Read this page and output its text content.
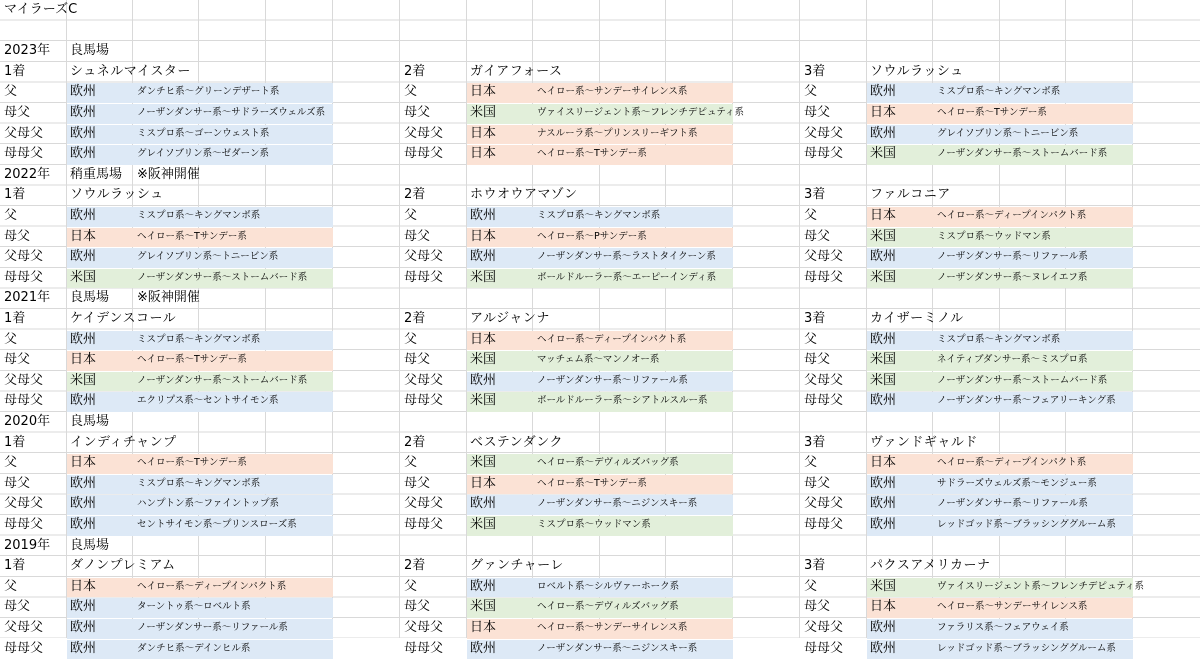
マイラーズC
2023年 良馬場
1着	シュネルマイスター	2着	ガイアフォース	3着	ソウルラッシュ
父	欧州	ダンチヒ系～グリーンデザート系	父	日本	ヘイロー系～サンデーサイレンス系	父	欧州	ミスプロ系～キングマンボ系
母父	欧州	ノーザンダンサー系～サドラーズウェルズ系	母父	米国	ヴァイスリージェント系～フレンチデピュティ系	母父	日本	ヘイロー系～Tサンデー系
父母父 欧州	ミスプロ系～ゴーンウェスト系	父母父 日本	ナスルーラ系～プリンスリーギフト系	父母父 欧州	グレイソブリン系～トニービン系
母母父 欧州	グレイソブリン系～ゼダーン系	母母父 日本	ヘイロー系～Tサンデー系	母母父 米国	ノーザンダンサー系～ストームバード系
2022年 稍重馬場 ※阪神開催
1着	ソウルラッシュ	2着	ホウオウアマゾン	3着	ファルコニア
父	欧州	ミスプロ系～キングマンボ系	父	欧州	ミスプロ系～キングマンボ系	父	日本	ヘイロー系～ディープインパクト系
母父	日本	ヘイロー系～Tサンデー系	母父	日本	ヘイロー系～Pサンデー系	母父	米国	ミスプロ系～ウッドマン系
父母父 欧州	グレイソブリン系～トニービン系	父母父 欧州	ノーザンダンサー系～ラストタイクーン系	父母父 欧州	ノーザンダンサー系～リファール系
母母父 米国	ノーザンダンサー系～ストームバード系	母母父 米国	ボールドルーラー系～エーピーインディ系	母母父 米国	ノーザンダンサー系～ヌレイエフ系
2021年 良馬場 ※阪神開催
1着	ケイデンスコール	2着	アルジャンナ	3着	カイザーミノル
父	欧州	ミスプロ系～キングマンボ系	父	日本	ヘイロー系～ディープインパクト系	父	欧州	ミスプロ系～キングマンボ系
母父	日本	ヘイロー系～Tサンデー系	母父	米国	マッチェム系～マンノオー系	母父	米国	ネイティブダンサー系～ミスプロ系
父母父 米国	ノーザンダンサー系～ストームバード系	父母父 欧州	ノーザンダンサー系～リファール系	父母父 米国	ノーザンダンサー系～ストームバード系
母母父 欧州	エクリプス系～セントサイモン系	母母父 米国	ボールドルーラー系～シアトルスルー系	母母父 欧州	ノーザンダンサー系～フェアリーキング系
2020年 良馬場
1着	インディチャンプ	2着	ベステンダンク	3着	ヴァンドギャルド
父	日本	ヘイロー系～Tサンデー系	父	米国	ヘイロー系～デヴィルズバッグ系	父	日本	ヘイロー系～ディープインパクト系
母父	欧州	ミスプロ系～キングマンボ系	母父	日本	ヘイロー系～Tサンデー系	母父	欧州	サドラーズウェルズ系～モンジュー系
父母父 欧州	ハンプトン系～ファイントップ系	父母父 欧州	ノーザンダンサー系～ニジンスキー系	父母父 欧州	ノーザンダンサー系～リファール系
母母父 欧州	セントサイモン系～プリンスローズ系	母母父 米国	ミスプロ系～ウッドマン系	母母父 欧州	レッドゴッド系～ブラッシンググルーム系
2019年 良馬場
1着	ダノンプレミアム	2着	グァンチャーレ	3着	パクスアメリカーナ
父	日本	ヘイロー系～ディープインパクト系	父	欧州	ロベルト系～シルヴァーホーク系	父	米国	ヴァイスリージェント系～フレンチデピュティ系
母父	欧州	ターントゥ系～ロベルト系	母父	米国	ヘイロー系～デヴィルズバッグ系	母父	日本	ヘイロー系～サンデーサイレンス系
父母父 欧州	ノーザンダンサー系～リファール系	父母父 日本	ヘイロー系～サンデーサイレンス系	父母父 欧州	ファラリス系～フェアウェイ系
母母父 欧州	ダンチヒ系～デインヒル系	母母父 欧州	ノーザンダンサー系～ニジンスキー系	母母父 欧州	レッドゴッド系～ブラッシンググルーム系
